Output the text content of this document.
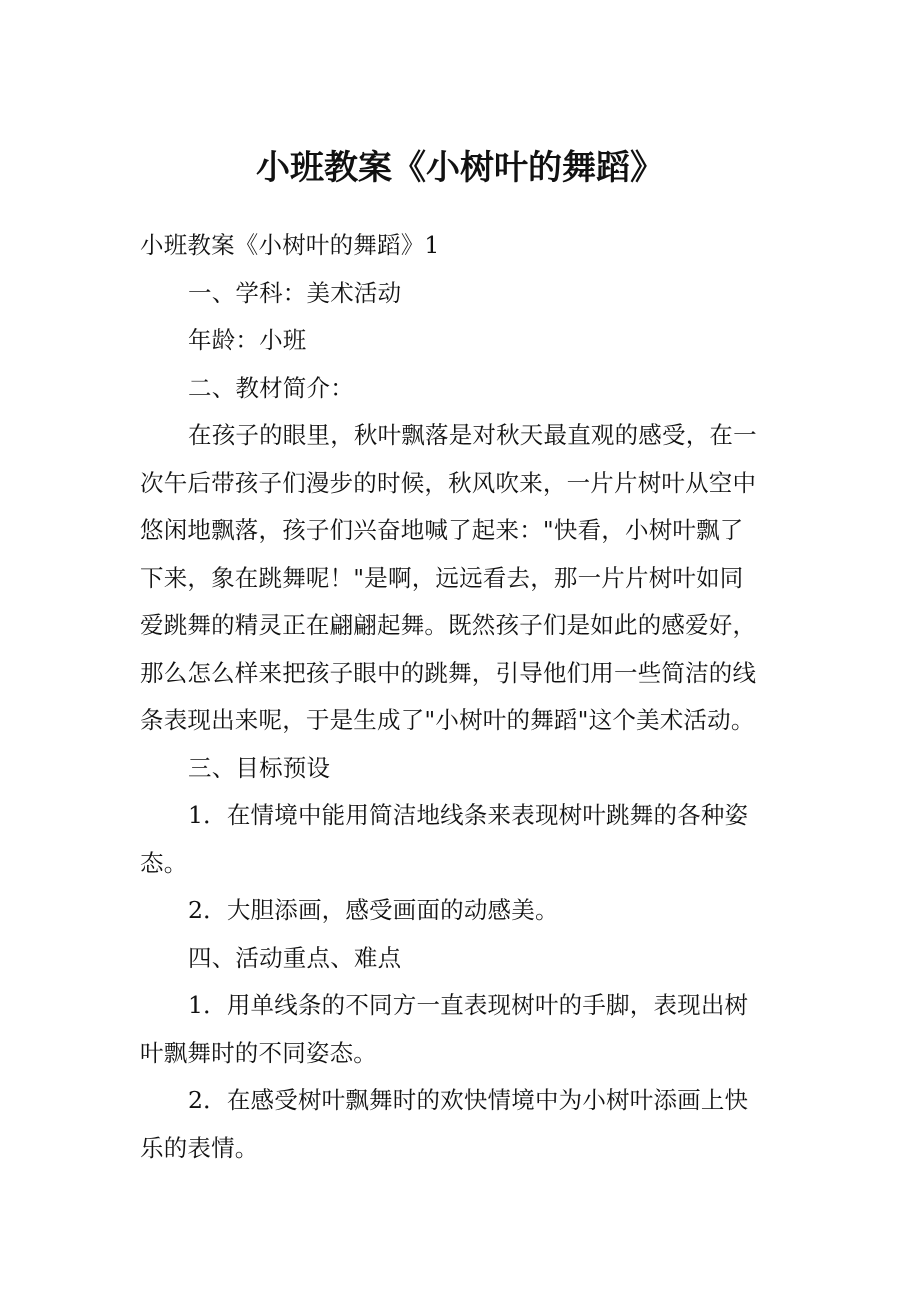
小班教案《小树叶的舞蹈》

小班教案《小树叶的舞蹈》1

一、学科：美术活动

年龄：小班

二、教材简介：

在孩子的眼里，秋叶飘落是对秋天最直观的感受，在一
次午后带孩子们漫步的时候，秋风吹来，一片片树叶从空中
悠闲地飘落，孩子们兴奋地喊了起来："快看，小树叶飘了
下来，象在跳舞呢！"是啊，远远看去，那一片片树叶如同
爱跳舞的精灵正在翩翩起舞。既然孩子们是如此的感爱好，
那么怎么样来把孩子眼中的跳舞，引导他们用一些简洁的线
条表现出来呢，于是生成了"小树叶的舞蹈"这个美术活动。

三、目标预设

1．在情境中能用简洁地线条来表现树叶跳舞的各种姿
态。

2．大胆添画，感受画面的动感美。

四、活动重点、难点

1．用单线条的不同方一直表现树叶的手脚，表现出树
叶飘舞时的不同姿态。

2．在感受树叶飘舞时的欢快情境中为小树叶添画上快
乐的表情。
